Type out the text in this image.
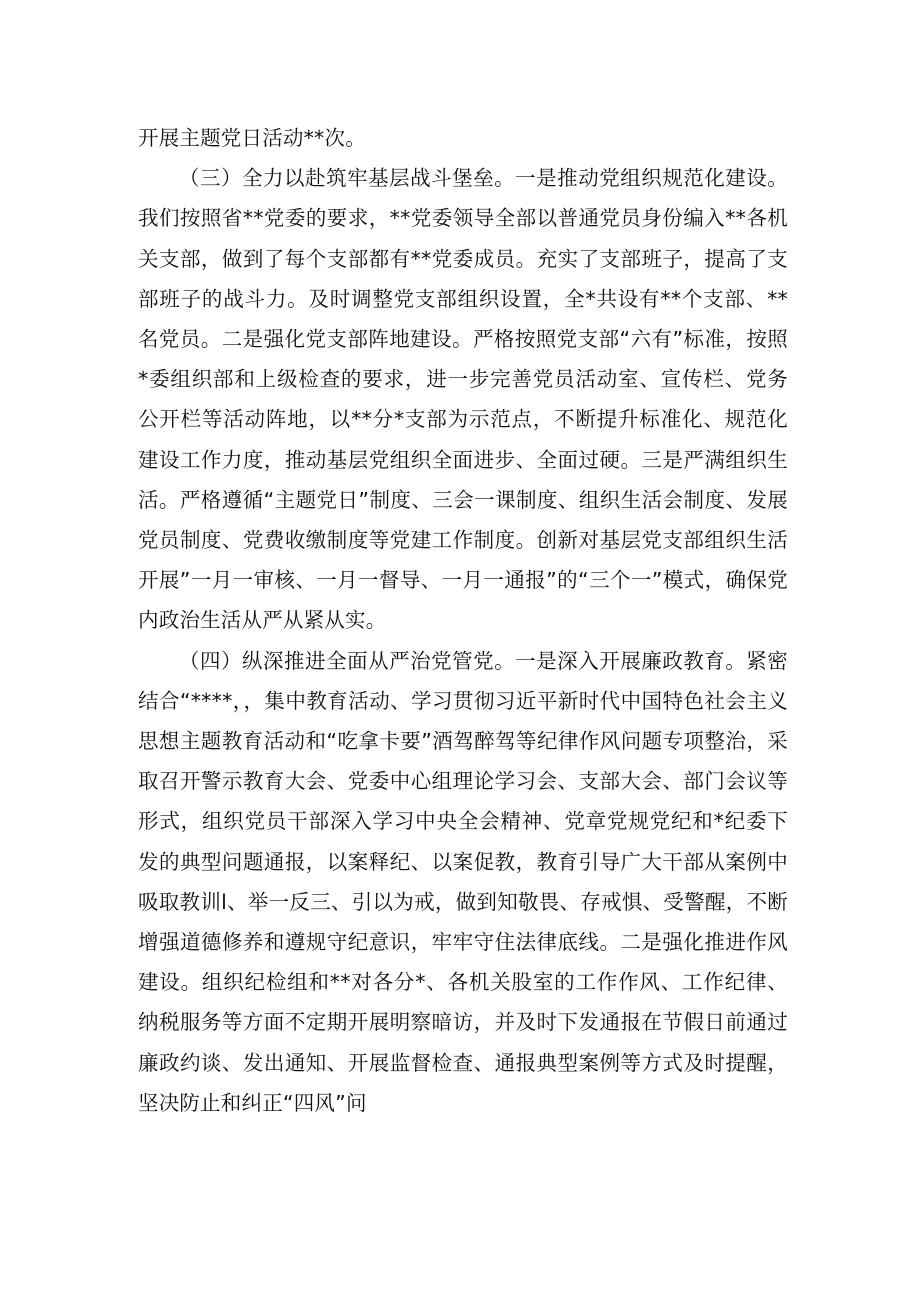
开展主题党日活动**次。

（三）全力以赴筑牢基层战斗堡垒。一是推动党组织规范化建设。我们按照省**党委的要求，**党委领导全部以普通党员身份编入**各机关支部，做到了每个支部都有**党委成员。充实了支部班子，提高了支部班子的战斗力。及时调整党支部组织设置，全*共设有**个支部、**名党员。二是强化党支部阵地建设。严格按照党支部“六有”标准，按照*委组织部和上级检查的要求，进一步完善党员活动室、宣传栏、党务公开栏等活动阵地，以**分*支部为示范点，不断提升标准化、规范化建设工作力度，推动基层党组织全面进步、全面过硬。三是严满组织生活。严格遵循“主题党日”制度、三会一课制度、组织生活会制度、发展党员制度、党费收缴制度等党建工作制度。创新对基层党支部组织生活开展”一月一审核、一月一督导、一月一通报”的“三个一”模式，确保党内政治生活从严从紧从实。

（四）纵深推进全面从严治党管党。一是深入开展廉政教育。紧密结合“****，，集中教育活动、学习贯彻习近平新时代中国特色社会主义思想主题教育活动和“吃拿卡要”酒驾醉驾等纪律作风问题专项整治，采取召开警示教育大会、党委中心组理论学习会、支部大会、部门会议等形式，组织党员干部深入学习中央全会精神、党章党规党纪和*纪委下发的典型问题通报，以案释纪、以案促教，教育引导广大干部从案例中吸取教训l、举一反三、引以为戒，做到知敬畏、存戒惧、受警醒，不断增强道德修养和遵规守纪意识，牢牢守住法律底线。二是强化推进作风建设。组织纪检组和**对各分*、各机关股室的工作作风、工作纪律、纳税服务等方面不定期开展明察暗访，并及时下发通报在节假日前通过廉政约谈、发出通知、开展监督检查、通报典型案例等方式及时提醒，坚决防止和纠正“四风”问
